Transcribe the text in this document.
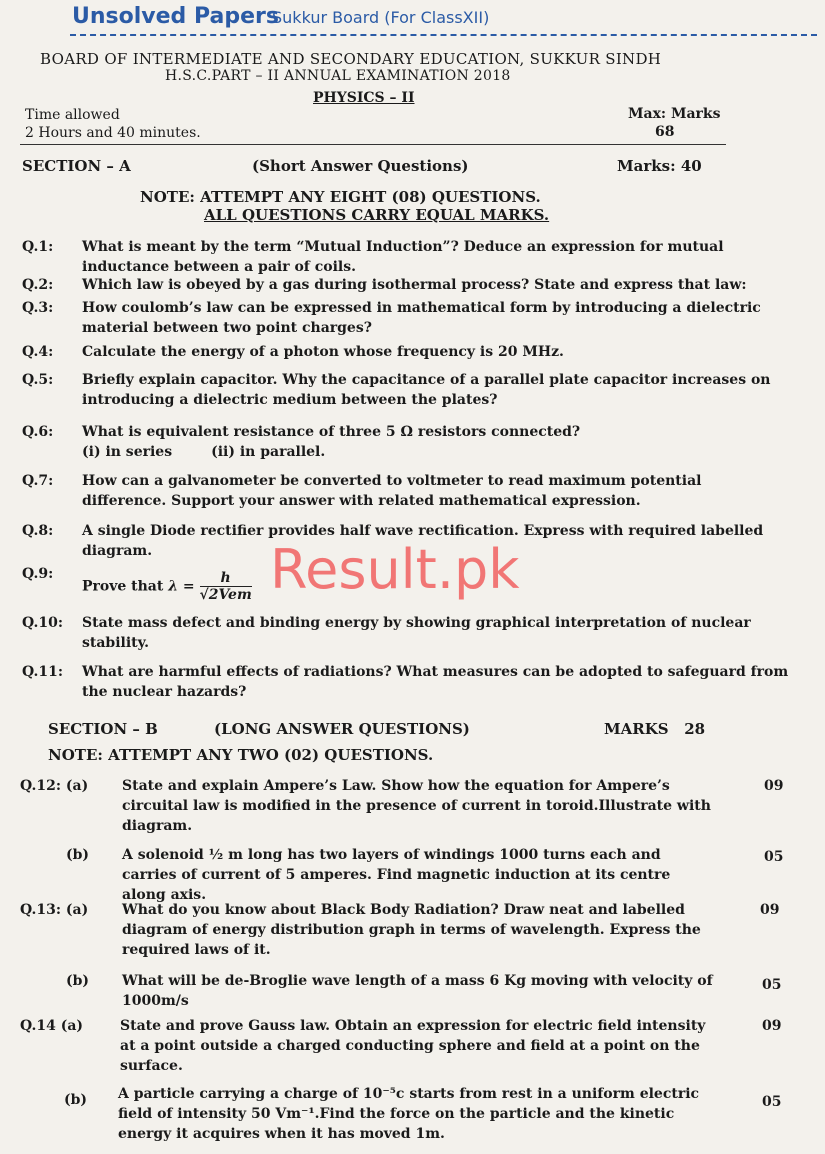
Unsolved Papers
Sukkur Board (For ClassXII)
BOARD OF INTERMEDIATE AND SECONDARY EDUCATION, SUKKUR SINDH
H.S.C.PART – II ANNUAL EXAMINATION 2018
PHYSICS – II
Time allowed
2 Hours and 40 minutes.
Max: Marks
68
SECTION – A	(Short Answer Questions)	Marks: 40
NOTE: ATTEMPT ANY EIGHT (08) QUESTIONS.
ALL QUESTIONS CARRY EQUAL MARKS.
Q.1: What is meant by the term “Mutual Induction”? Deduce an expression for mutual inductance between a pair of coils.
Q.2: Which law is obeyed by a gas during isothermal process? State and express that law:
Q.3: How coulomb’s law can be expressed in mathematical form by introducing a dielectric material between two point charges?
Q.4: Calculate the energy of a photon whose frequency is 20 MHz.
Q.5: Briefly explain capacitor. Why the capacitance of a parallel plate capacitor increases on introducing a dielectric medium between the plates?
Q.6: What is equivalent resistance of three 5 Ω resistors connected?
(i) in series        (ii) in parallel.
Q.7: How can a galvanometer be converted to voltmeter to read maximum potential difference. Support your answer with related mathematical expression.
Q.8: A single Diode rectifier provides half wave rectification. Express with required labelled diagram.
Q.9:
Prove that $\lambda = \frac{h}{\text{√2Vem}}$
Q.10: State mass defect and binding energy by showing graphical interpretation of nuclear stability.
Q.11: What are harmful effects of radiations? What measures can be adopted to safeguard from the nuclear hazards?
Result.pk
SECTION – B	(LONG ANSWER QUESTIONS)	MARKS   28
NOTE: ATTEMPT ANY TWO (02) QUESTIONS.
Q.12: (a) State and explain Ampere’s Law. Show how the equation for Ampere’s circuital law is modified in the presence of current in toroid.Illustrate with diagram.
09
(b) A solenoid ½ m long has two layers of windings 1000 turns each and carries of current of 5 amperes. Find magnetic induction at its centre along axis.
05
Q.13: (a) What do you know about Black Body Radiation? Draw neat and labelled diagram of energy distribution graph in terms of wavelength. Express the required laws of it.
09
(b) What will be de-Broglie wave length of a mass 6 Kg moving with velocity of 1000m/s
05
Q.14 (a)	State and prove Gauss law. Obtain an expression for electric field intensity at a point outside a charged conducting sphere and field at a point on the surface.
09
(b) A particle carrying a charge of 10⁻⁵c starts from rest in a uniform electric field of intensity 50 Vm⁻¹.Find the force on the particle and the kinetic energy it acquires when it has moved 1m.
05
